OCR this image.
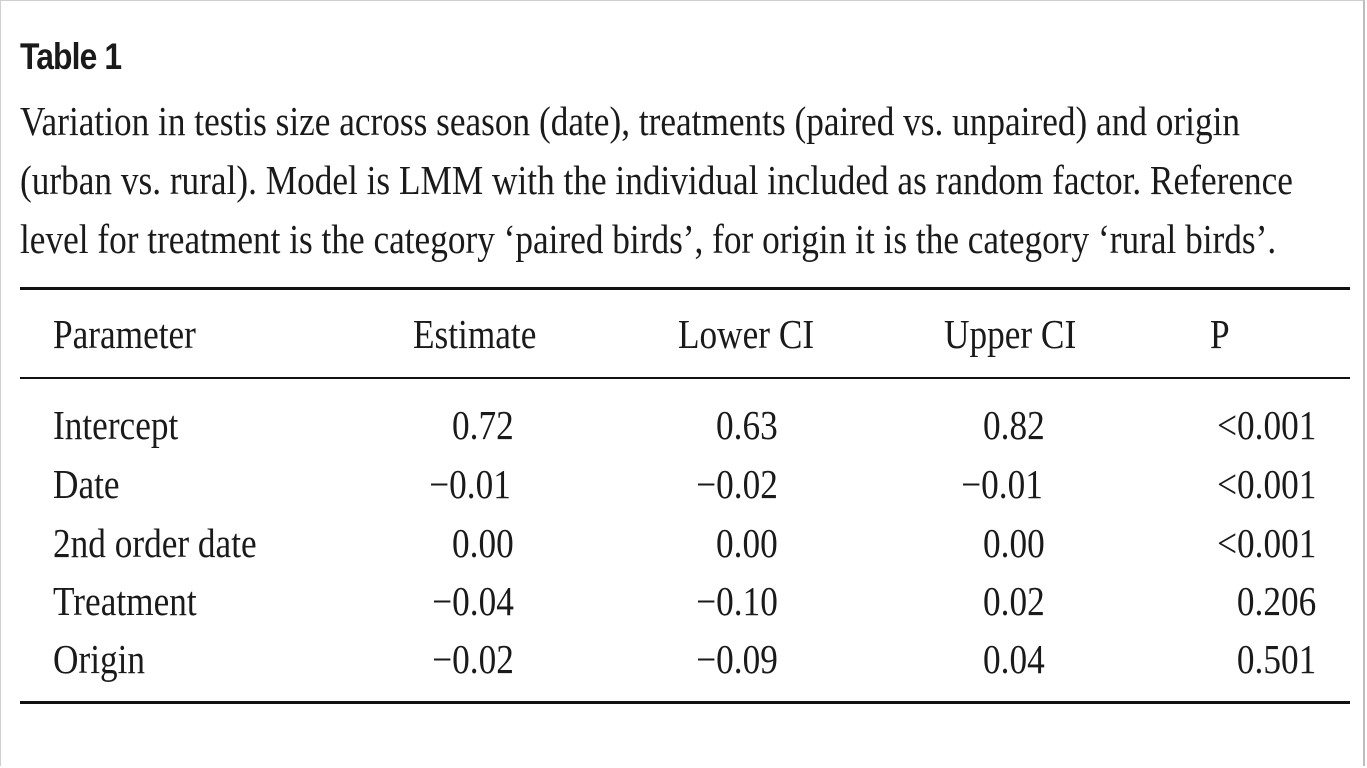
Table 1
Variation in testis size across season (date), treatments (paired vs. unpaired) and origin
(urban vs. rural). Model is LMM with the individual included as random factor. Reference
level for treatment is the category ‘paired birds’, for origin it is the category ‘rural birds’.
Parameter	Estimate	Lower CI	Upper CI	P
Intercept	0.72	0.63	0.82	<0.001
Date	−0.01	−0.02	−0.01	<0.001
2nd order date	0.00	0.00	0.00	<0.001
Treatment	−0.04	−0.10	0.02	0.206
Origin	−0.02	−0.09	0.04	0.501
